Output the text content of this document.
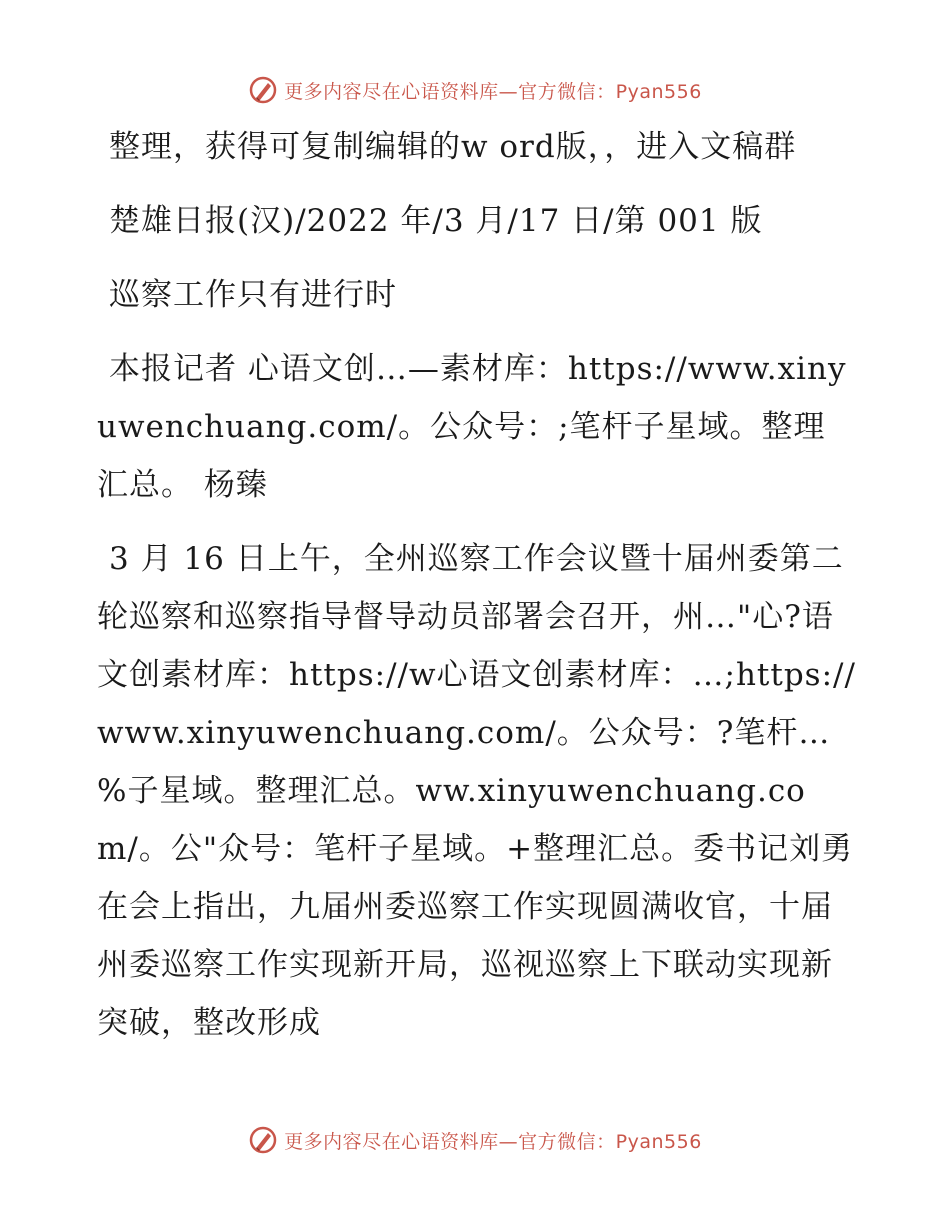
更多内容尽在心语资料库—官方微信：Pyan556

整理，获得可复制编辑的w ord版，，进入文稿群

楚雄日报(汉)/2022 年/3 月/17 日/第 001 版

巡察工作只有进行时

本报记者 心语文创…—素材库：https://www.xinyuwenchuang.com/。公众号：;笔杆子星域。整理汇总。 杨臻

3 月 16 日上午，全州巡察工作会议暨十届州委第二轮巡察和巡察指导督导动员部署会召开，州…"心?语文创素材库：https://w心语文创素材库：…;https://www.xinyuwenchuang.com/。公众号：?笔杆…%子星域。整理汇总。ww.xinyuwenchuang.com/。公"众号：笔杆子星域。+整理汇总。委书记刘勇在会上指出，九届州委巡察工作实现圆满收官，十届州委巡察工作实现新开局，巡视巡察上下联动实现新突破，整改形成

更多内容尽在心语资料库—官方微信：Pyan556
